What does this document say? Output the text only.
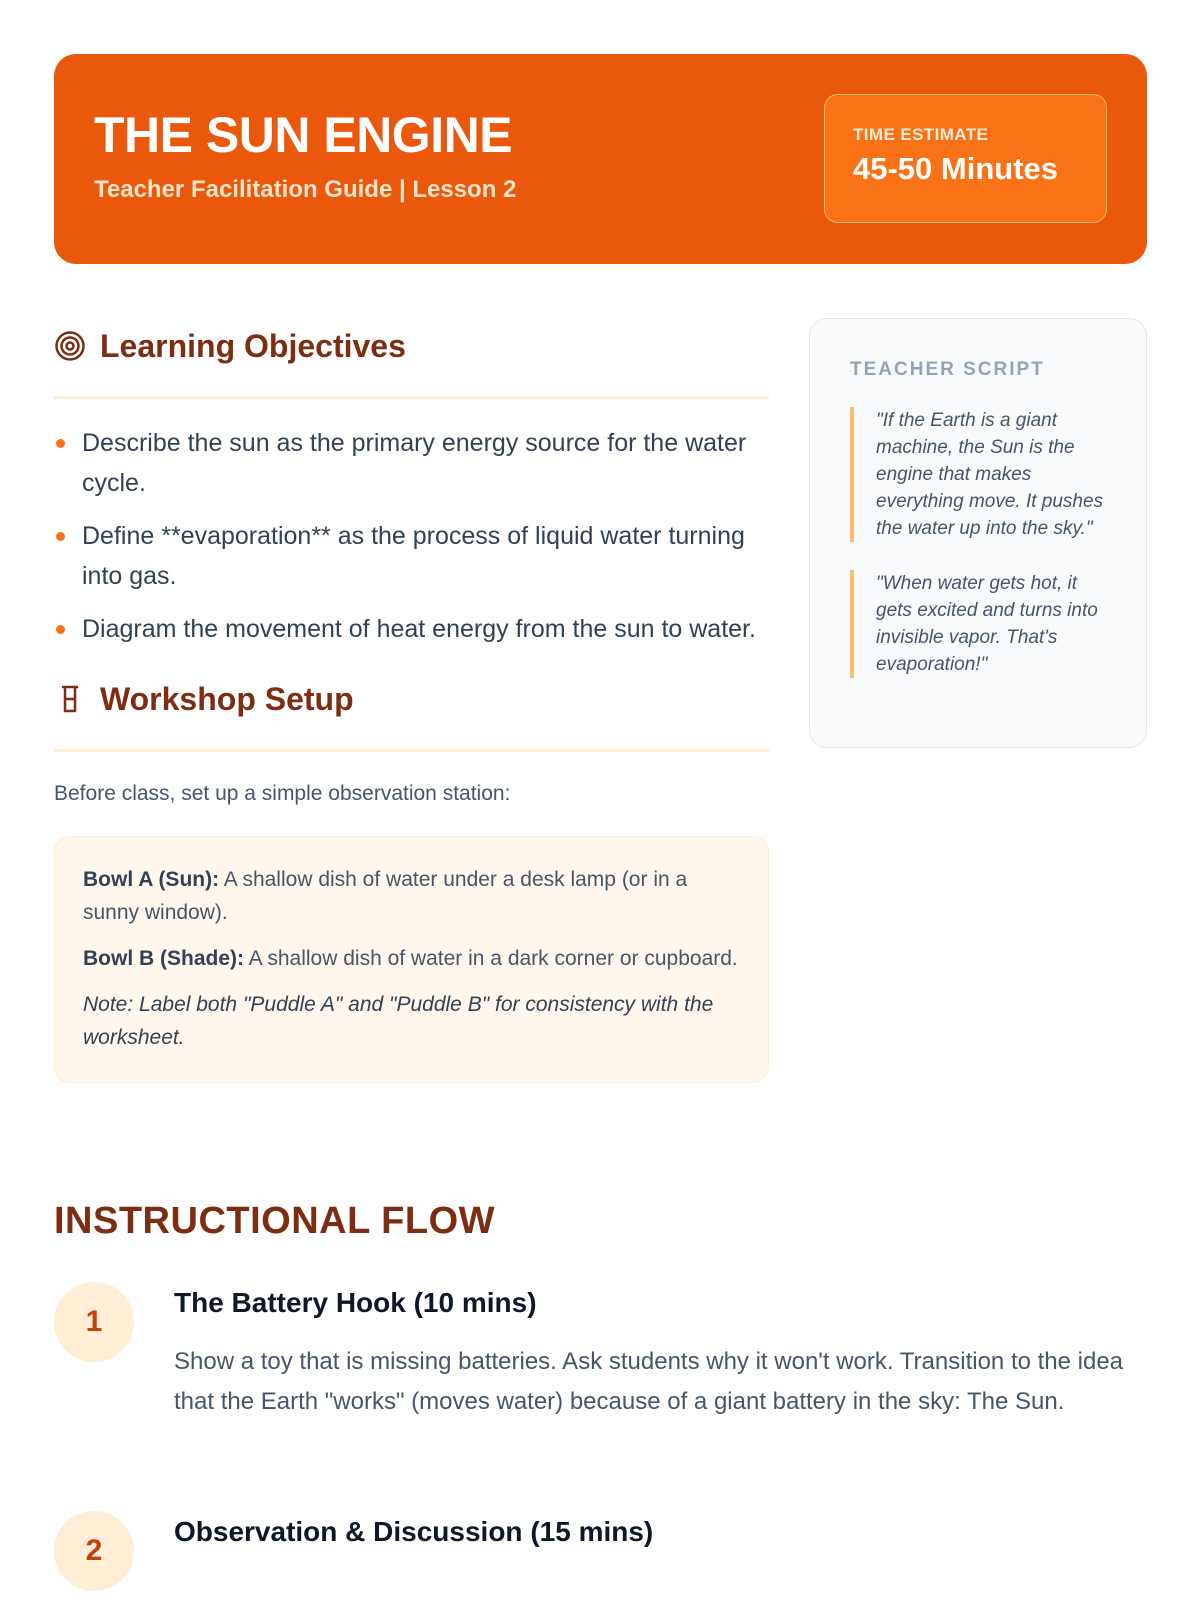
THE SUN ENGINE
Teacher Facilitation Guide | Lesson 2
TIME ESTIMATE
45-50 Minutes
Learning Objectives
Describe the sun as the primary energy source for the water cycle.
Define **evaporation** as the process of liquid water turning into gas.
Diagram the movement of heat energy from the sun to water.
Workshop Setup
Before class, set up a simple observation station:

Bowl A (Sun): A shallow dish of water under a desk lamp (or in a sunny window).

Bowl B (Shade): A shallow dish of water in a dark corner or cupboard.

Note: Label both "Puddle A" and "Puddle B" for consistency with the worksheet.

TEACHER SCRIPT
"If the Earth is a giant machine, the Sun is the engine that makes everything move. It pushes the water up into the sky."
"When water gets hot, it gets excited and turns into invisible vapor. That's evaporation!"
INSTRUCTIONAL FLOW
1
The Battery Hook (10 mins)
Show a toy that is missing batteries. Ask students why it won't work. Transition to the idea that the Earth "works" (moves water) because of a giant battery in the sky: The Sun.
2
Observation & Discussion (15 mins)
